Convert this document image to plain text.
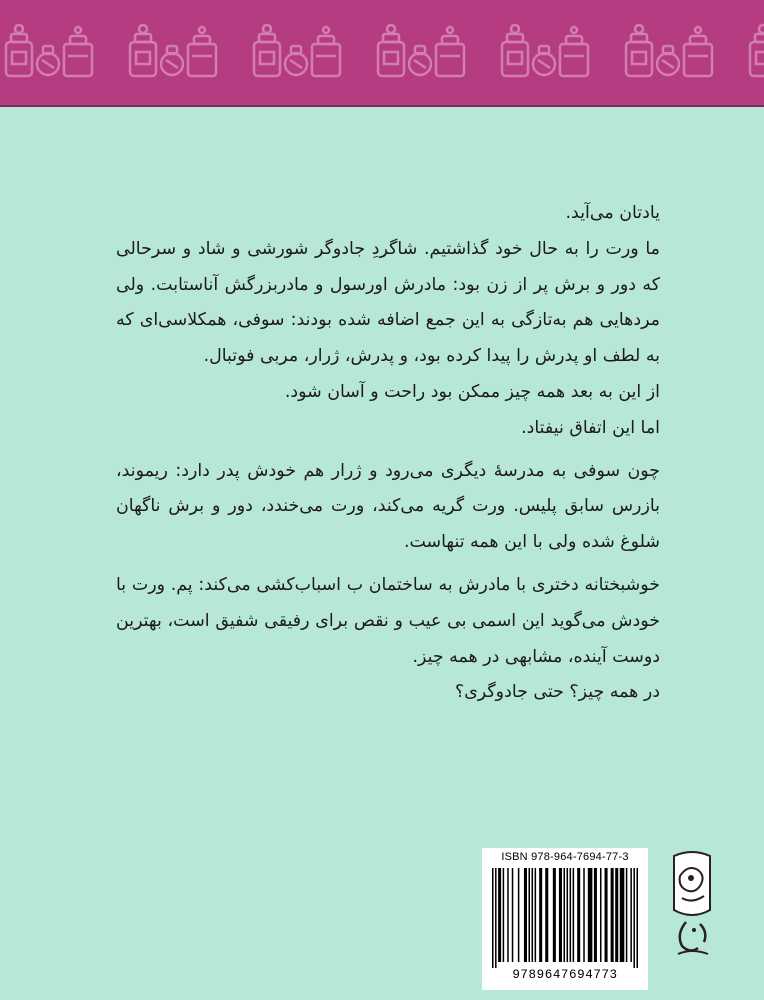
یادتان می‌آید.

ما ورت را به حال خود گذاشتیم. شاگردِ جادوگر شورشی و شاد و سرحالی که دور و برش پر از زن بود: مادرش اورسول و مادربزرگش آناستابت. ولی مردهایی هم به‌تازگی به این جمع اضافه شده بودند: سوفی، همکلاسی‌ای که به لطف او پدرش را پیدا کرده بود، و پدرش، ژرار، مربی فوتبال.

از این به بعد همه چیز ممکن بود راحت و آسان شود.

اما این اتفاق نیفتاد.

چون سوفی به مدرسهٔ دیگری می‌رود و ژرار هم خودش پدر دارد: ریموند، بازرس سابق پلیس. ورت گریه می‌کند، ورت می‌خندد، دور و برش ناگهان شلوغ شده ولی با این همه تنهاست.

خوشبختانه دختری با مادرش به ساختمان ب اسباب‌کشی می‌کند: پم. ورت با خودش می‌گوید این اسمی بی عیب و نقص برای رفیقی شفیق است، بهترین دوست آینده، مشابهی در همه چیز.

در همه چیز؟ حتی جادوگری؟

ISBN 978-964-7694-77-3
9789647694773
